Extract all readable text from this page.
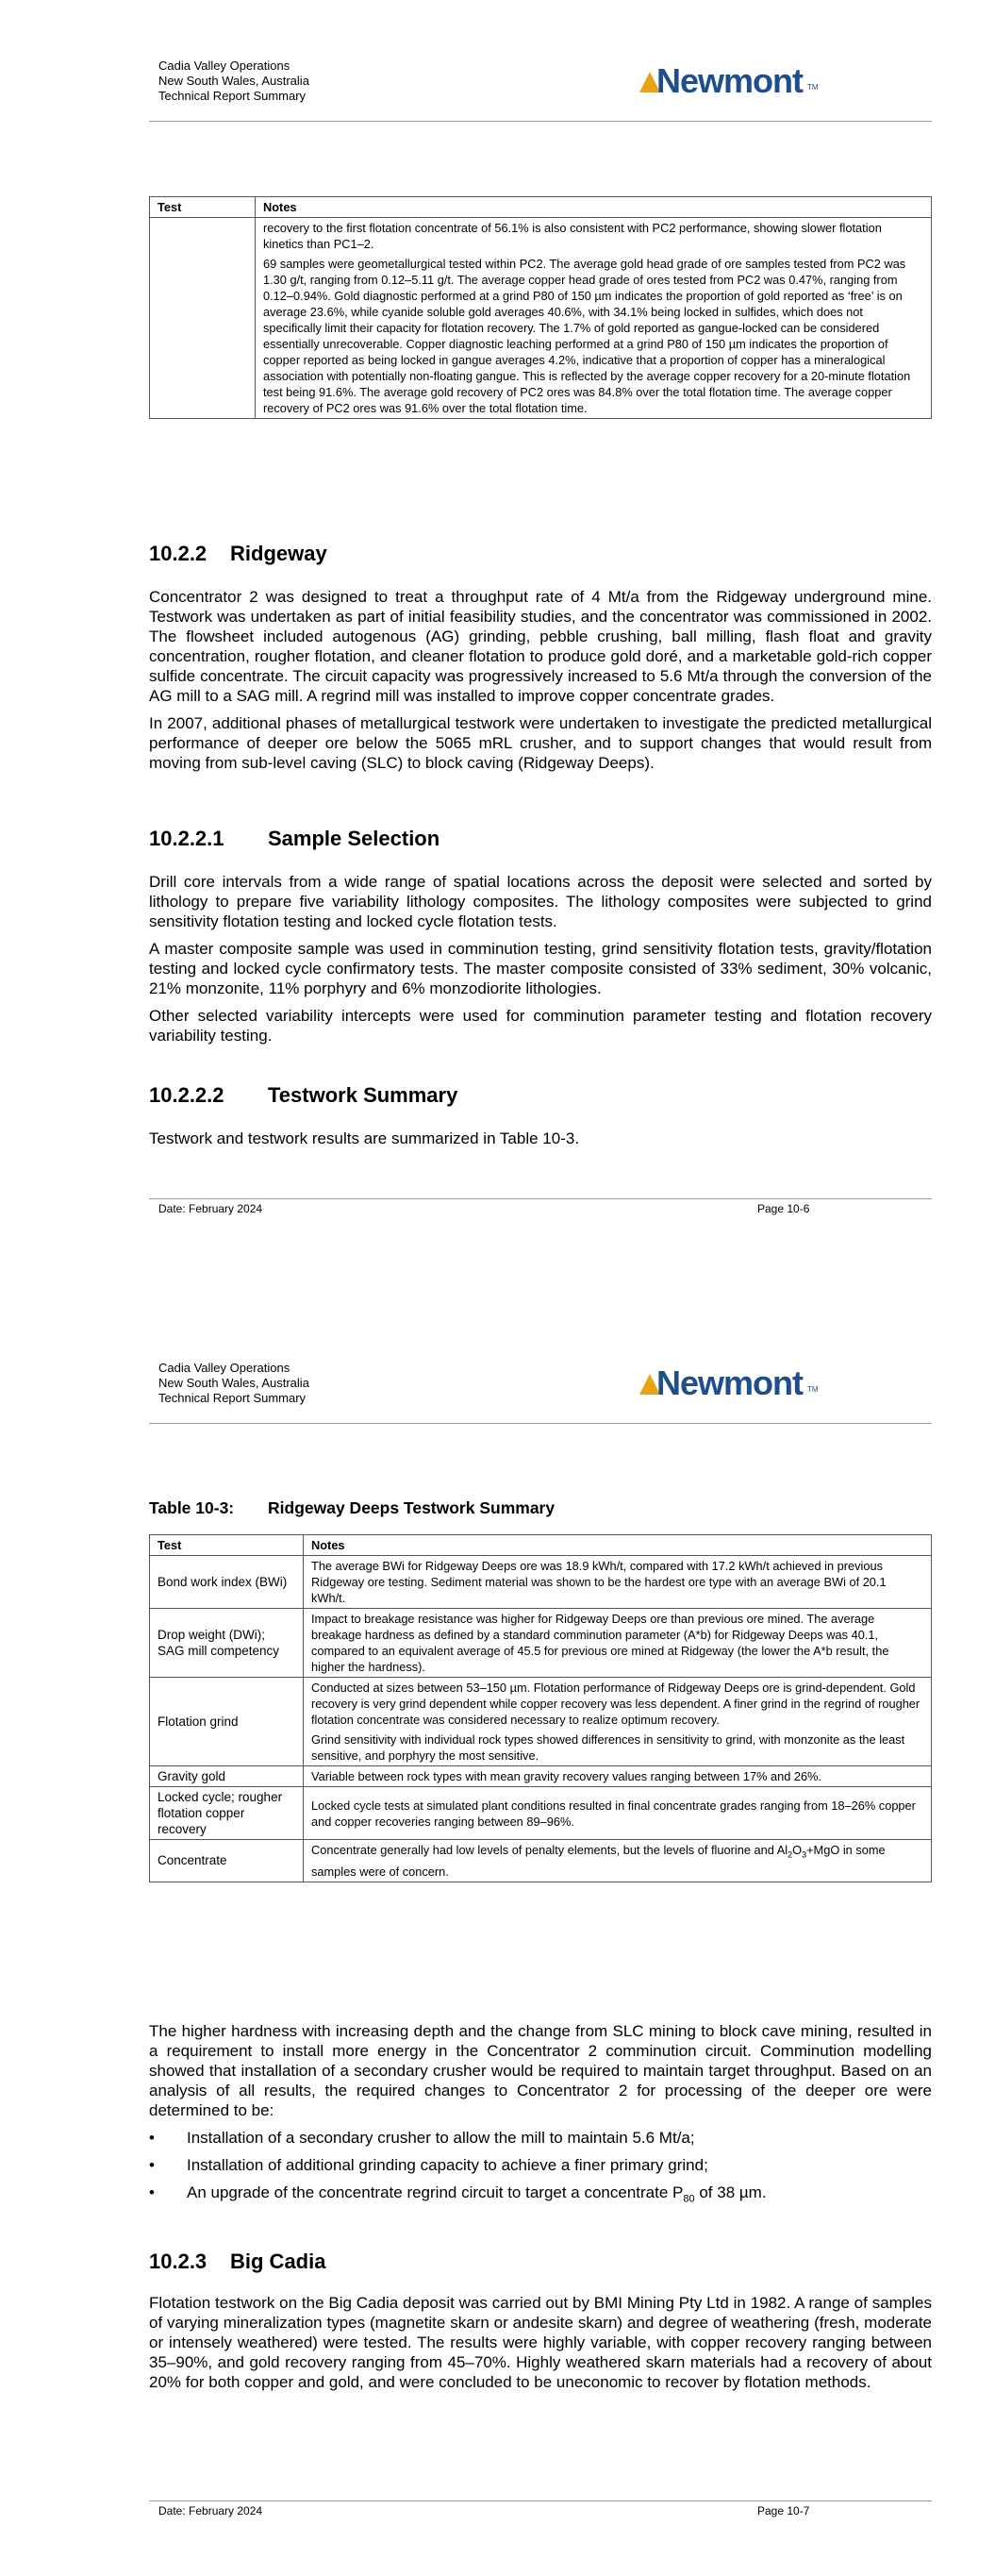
Cadia Valley Operations
New South Wales, Australia
Technical Report Summary	Newmont TM
Test	Notes

	recovery to the first flotation concentrate of 56.1% is also consistent with PC2 performance, showing slower flotation kinetics than PC1–2.

69 samples were geometallurgical tested within PC2. The average gold head grade of ore samples tested from PC2 was 1.30 g/t, ranging from 0.12–5.11 g/t. The average copper head grade of ores tested from PC2 was 0.47%, ranging from 0.12–0.94%. Gold diagnostic performed at a grind P80 of 150 µm indicates the proportion of gold reported as ‘free’ is on average 23.6%, while cyanide soluble gold averages 40.6%, with 34.1% being locked in sulfides, which does not specifically limit their capacity for flotation recovery. The 1.7% of gold reported as gangue-locked can be considered essentially unrecoverable. Copper diagnostic leaching performed at a grind P80 of 150 µm indicates the proportion of copper reported as being locked in gangue averages 4.2%, indicative that a proportion of copper has a mineralogical association with potentially non-floating gangue. This is reflected by the average copper recovery for a 20-minute flotation test being 91.6%. The average gold recovery of PC2 ores was 84.8% over the total flotation time. The average copper recovery of PC2 ores was 91.6% over the total flotation time.

10.2.2 Ridgeway

Concentrator 2 was designed to treat a throughput rate of 4 Mt/a from the Ridgeway underground mine. Testwork was undertaken as part of initial feasibility studies, and the concentrator was commissioned in 2002. The flowsheet included autogenous (AG) grinding, pebble crushing, ball milling, flash float and gravity concentration, rougher flotation, and cleaner flotation to produce gold doré, and a marketable gold-rich copper sulfide concentrate. The circuit capacity was progressively increased to 5.6 Mt/a through the conversion of the AG mill to a SAG mill. A regrind mill was installed to improve copper concentrate grades.

In 2007, additional phases of metallurgical testwork were undertaken to investigate the predicted metallurgical performance of deeper ore below the 5065 mRL crusher, and to support changes that would result from moving from sub-level caving (SLC) to block caving (Ridgeway Deeps).

10.2.2.1 Sample Selection

Drill core intervals from a wide range of spatial locations across the deposit were selected and sorted by lithology to prepare five variability lithology composites. The lithology composites were subjected to grind sensitivity flotation testing and locked cycle flotation tests.

A master composite sample was used in comminution testing, grind sensitivity flotation tests, gravity/flotation testing and locked cycle confirmatory tests. The master composite consisted of 33% sediment, 30% volcanic, 21% monzonite, 11% porphyry and 6% monzodiorite lithologies.

Other selected variability intercepts were used for comminution parameter testing and flotation recovery variability testing.

10.2.2.2 Testwork Summary

Testwork and testwork results are summarized in Table 10-3.

Date: February 2024	Page 10-6
Cadia Valley Operations
New South Wales, Australia
Technical Report Summary	Newmont TM
Table 10-3: Ridgeway Deeps Testwork Summary
Test	Notes
Bond work index (BWi)	The average BWi for Ridgeway Deeps ore was 18.9 kWh/t, compared with 17.2 kWh/t achieved in previous Ridgeway ore testing. Sediment material was shown to be the hardest ore type with an average BWi of 20.1 kWh/t.

Drop weight (DWi); SAG mill competency	Impact to breakage resistance was higher for Ridgeway Deeps ore than previous ore mined. The average breakage hardness as defined by a standard comminution parameter (A*b) for Ridgeway Deeps was 40.1, compared to an equivalent average of 45.5 for previous ore mined at Ridgeway (the lower the A*b result, the higher the hardness).

Flotation grind	Conducted at sizes between 53–150 µm. Flotation performance of Ridgeway Deeps ore is grind-dependent. Gold recovery is very grind dependent while copper recovery was less dependent. A finer grind in the regrind of rougher flotation concentrate was considered necessary to realize optimum recovery.

Grind sensitivity with individual rock types showed differences in sensitivity to grind, with monzonite as the least sensitive, and porphyry the most sensitive.

Gravity gold	Variable between rock types with mean gravity recovery values ranging between 17% and 26%.

Locked cycle; rougher flotation copper recovery	Locked cycle tests at simulated plant conditions resulted in final concentrate grades ranging from 18–26% copper and copper recoveries ranging between 89–96%.

Concentrate	Concentrate generally had low levels of penalty elements, but the levels of fluorine and $Al_2O_3+MgO$ in some samples were of concern.

The higher hardness with increasing depth and the change from SLC mining to block cave mining, resulted in a requirement to install more energy in the Concentrator 2 comminution circuit. Comminution modelling showed that installation of a secondary crusher would be required to maintain target throughput. Based on an analysis of all results, the required changes to Concentrator 2 for processing of the deeper ore were determined to be:

• Installation of a secondary crusher to allow the mill to maintain 5.6 Mt/a;
• Installation of additional grinding capacity to achieve a finer primary grind;
• An upgrade of the concentrate regrind circuit to target a concentrate $P_{80}$ of 38 µm.
10.2.3 Big Cadia

Flotation testwork on the Big Cadia deposit was carried out by BMI Mining Pty Ltd in 1982. A range of samples of varying mineralization types (magnetite skarn or andesite skarn) and degree of weathering (fresh, moderate or intensely weathered) were tested. The results were highly variable, with copper recovery ranging between 35–90%, and gold recovery ranging from 45–70%. Highly weathered skarn materials had a recovery of about 20% for both copper and gold, and were concluded to be uneconomic to recover by flotation methods.

Date: February 2024	Page 10-7
